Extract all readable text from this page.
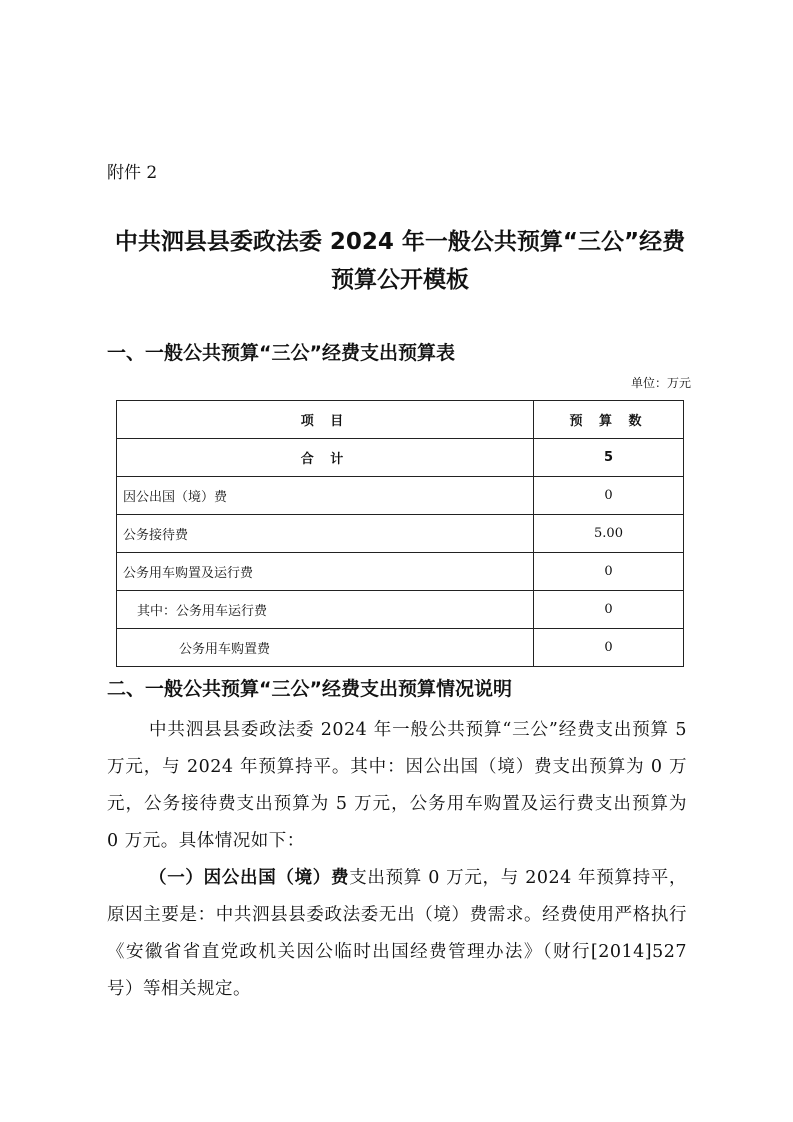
附件 2
中共泗县县委政法委 2024 年一般公共预算“三公”经费
预算公开模板
一、一般公共预算“三公”经费支出预算表
单位：万元
项 目	预 算 数
合 计	5
因公出国（境）费	0
公务接待费	5.00
公务用车购置及运行费	0
其中：公务用车运行费	0
公务用车购置费	0
二、一般公共预算“三公”经费支出预算情况说明

中共泗县县委政法委 2024 年一般公共预算“三公”经费支出预算 5 万元，与 2024 年预算持平。其中：因公出国（境）费支出预算为 0 万元，公务接待费支出预算为 5 万元，公务用车购置及运行费支出预算为 0 万元。具体情况如下：

（一）因公出国（境）费支出预算 0 万元，与 2024 年预算持平，原因主要是：中共泗县县委政法委无出（境）费需求。经费使用严格执行《安徽省省直党政机关因公临时出国经费管理办法》（财行[2014]527 号）等相关规定。
